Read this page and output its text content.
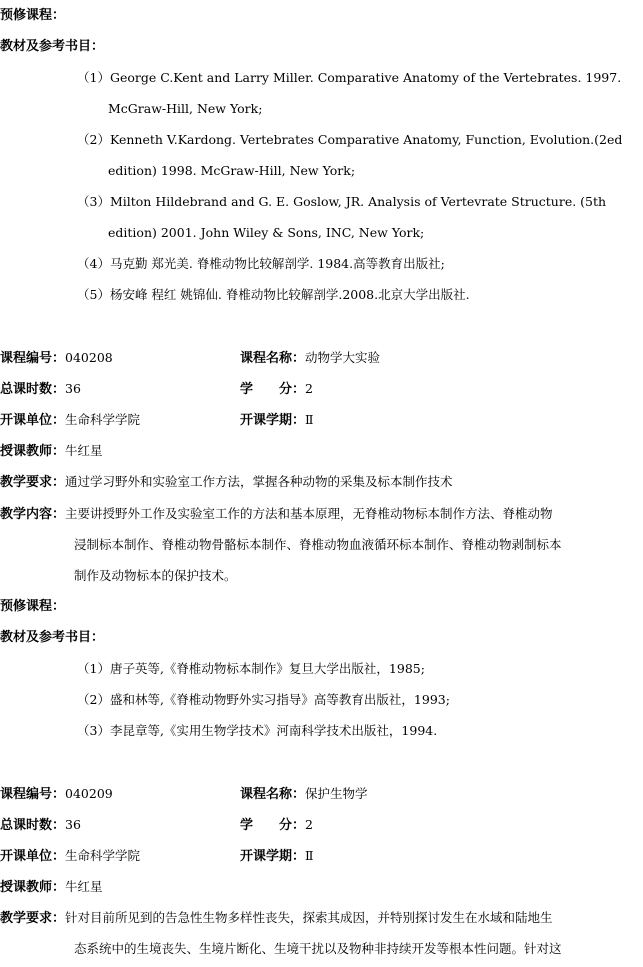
预修课程：
教材及参考书目：
（1）George C.Kent and Larry Miller. Comparative Anatomy of the Vertebrates. 1997.
McGraw-Hill, New York;
（2）Kenneth V.Kardong. Vertebrates Comparative Anatomy, Function, Evolution.(2ed
edition) 1998. McGraw-Hill, New York;
（3）Milton Hildebrand and G. E. Goslow, JR. Analysis of Vertevrate Structure. (5th
edition) 2001. John Wiley & Sons, INC, New York;
（4）马克勤 郑光美. 脊椎动物比较解剖学. 1984.高等教育出版社;
（5）杨安峰 程红 姚锦仙. 脊椎动物比较解剖学.2008.北京大学出版社.
课程编号：040208	课程名称：动物学大实验
总课时数：36	学　　分：2
开课单位：生命科学学院	开课学期：Ⅱ
授课教师：牛红星
教学要求：通过学习野外和实验室工作方法，掌握各种动物的采集及标本制作技术
教学内容：主要讲授野外工作及实验室工作的方法和基本原理，无脊椎动物标本制作方法、脊椎动物
浸制标本制作、脊椎动物骨骼标本制作、脊椎动物血液循环标本制作、脊椎动物剥制标本
制作及动物标本的保护技术。
预修课程：
教材及参考书目：
（1）唐子英等,《脊椎动物标本制作》复旦大学出版社，1985;
（2）盛和林等,《脊椎动物野外实习指导》高等教育出版社，1993;
（3）李昆章等,《实用生物学技术》河南科学技术出版社，1994.
课程编号：040209	课程名称：保护生物学
总课时数：36	学　　分：2
开课单位：生命科学学院	开课学期：Ⅱ
授课教师：牛红星
教学要求：针对目前所见到的告急性生物多样性丧失，探索其成因，并特别探讨发生在水域和陆地生
态系统中的生境丧失、生境片断化、生境干扰以及物种非持续开发等根本性问题。针对这
